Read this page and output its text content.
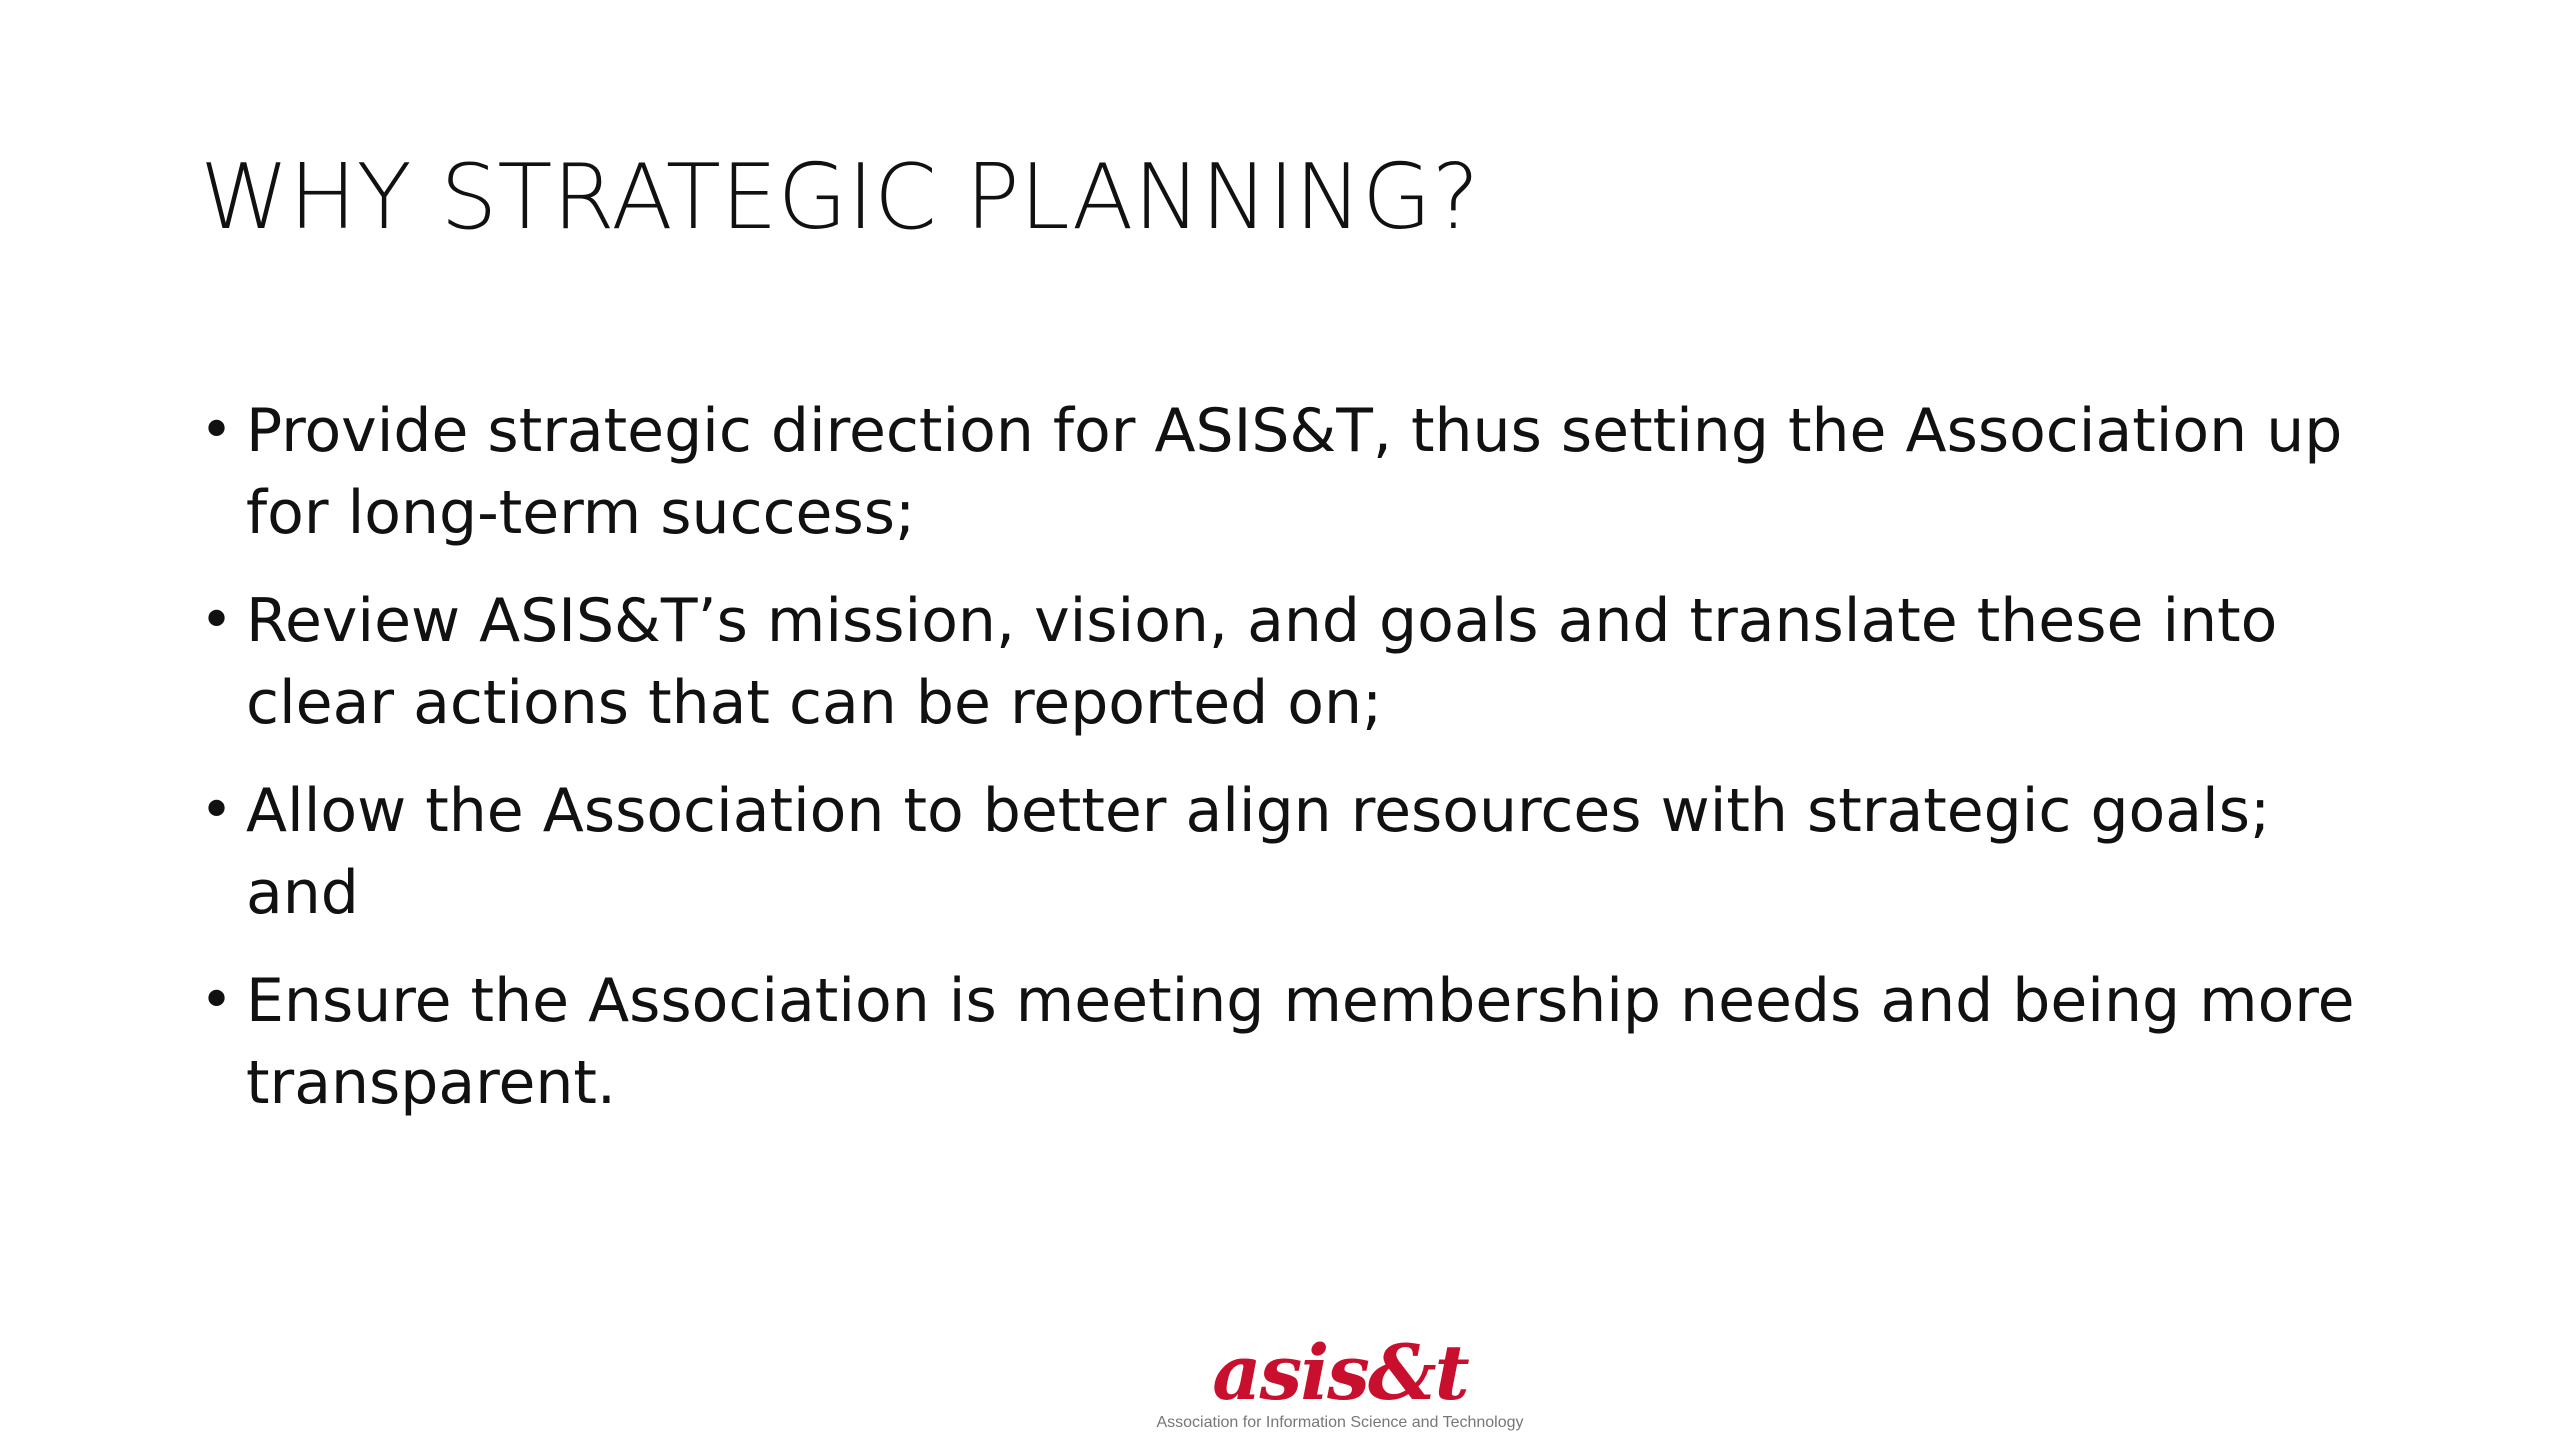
WHY STRATEGIC PLANNING?
• Provide strategic direction for ASIS&T, thus setting the Association up for long-term success;
• Review ASIS&T’s mission, vision, and goals and translate these into clear actions that can be reported on;
• Allow the Association to better align resources with strategic goals; and
• Ensure the Association is meeting membership needs and being more transparent.
asis&t
Association for Information Science and Technology
